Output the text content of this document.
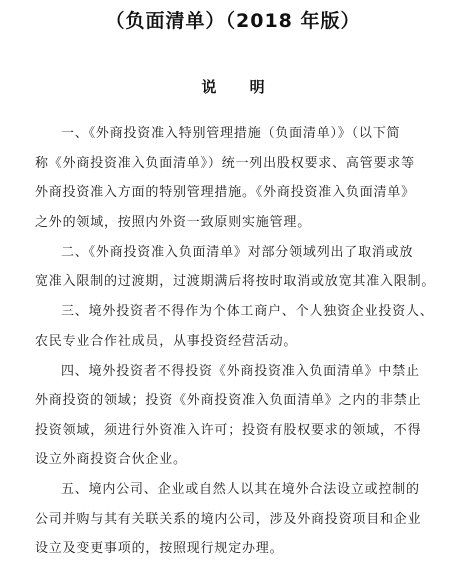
（负面清单）（2018 年版）
说 明

一、《外商投资准入特别管理措施（负面清单）》（以下简
称《外商投资准入负面清单》）统一列出股权要求、高管要求等
外商投资准入方面的特别管理措施。《外商投资准入负面清单》
之外的领域，按照内外资一致原则实施管理。

二、《外商投资准入负面清单》对部分领域列出了取消或放
宽准入限制的过渡期，过渡期满后将按时取消或放宽其准入限制。

三、境外投资者不得作为个体工商户、个人独资企业投资人、
农民专业合作社成员，从事投资经营活动。

四、境外投资者不得投资《外商投资准入负面清单》中禁止
外商投资的领域；投资《外商投资准入负面清单》之内的非禁止
投资领域，须进行外资准入许可；投资有股权要求的领域，不得
设立外商投资合伙企业。

五、境内公司、企业或自然人以其在境外合法设立或控制的
公司并购与其有关联关系的境内公司，涉及外商投资项目和企业
设立及变更事项的，按照现行规定办理。
